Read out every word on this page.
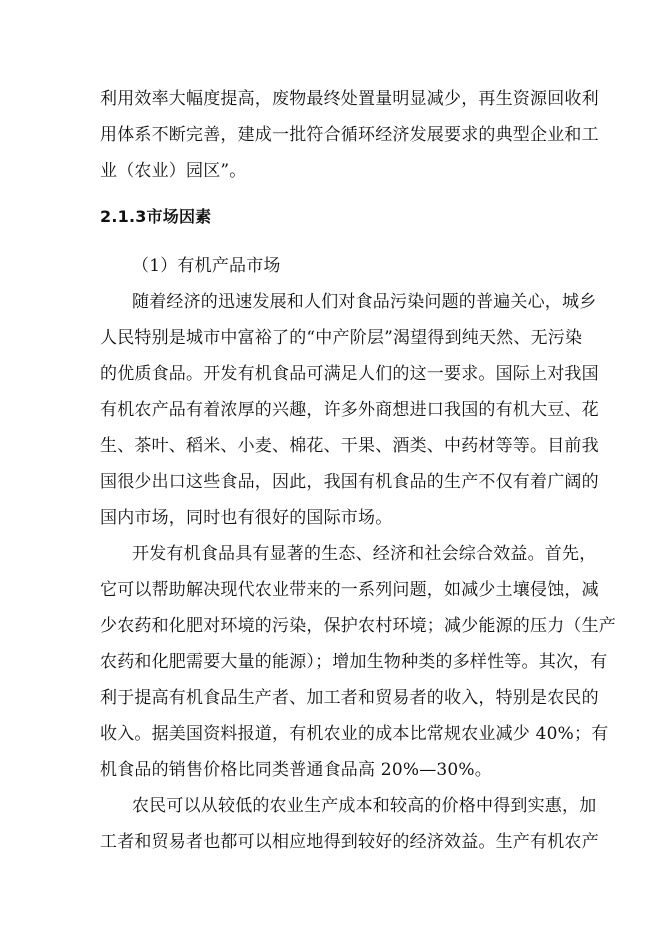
利用效率大幅度提高，废物最终处置量明显减少，再生资源回收利
用体系不断完善，建成一批符合循环经济发展要求的典型企业和工
业（农业）园区”。
2.1.3市场因素
（1）有机产品市场
随着经济的迅速发展和人们对食品污染问题的普遍关心，城乡
人民特别是城市中富裕了的“中产阶层”渴望得到纯天然、无污染
的优质食品。开发有机食品可满足人们的这一要求。国际上对我国
有机农产品有着浓厚的兴趣，许多外商想进口我国的有机大豆、花
生、茶叶、稻米、小麦、棉花、干果、酒类、中药材等等。目前我
国很少出口这些食品，因此，我国有机食品的生产不仅有着广阔的
国内市场，同时也有很好的国际市场。
开发有机食品具有显著的生态、经济和社会综合效益。首先，
它可以帮助解决现代农业带来的一系列问题，如减少土壤侵蚀，减
少农药和化肥对环境的污染，保护农村环境；减少能源的压力（生产
农药和化肥需要大量的能源）；增加生物种类的多样性等。其次，有
利于提高有机食品生产者、加工者和贸易者的收入，特别是农民的
收入。据美国资料报道，有机农业的成本比常规农业减少 40%；有
机食品的销售价格比同类普通食品高 20%—30%。
农民可以从较低的农业生产成本和较高的价格中得到实惠，加
工者和贸易者也都可以相应地得到较好的经济效益。生产有机农产
